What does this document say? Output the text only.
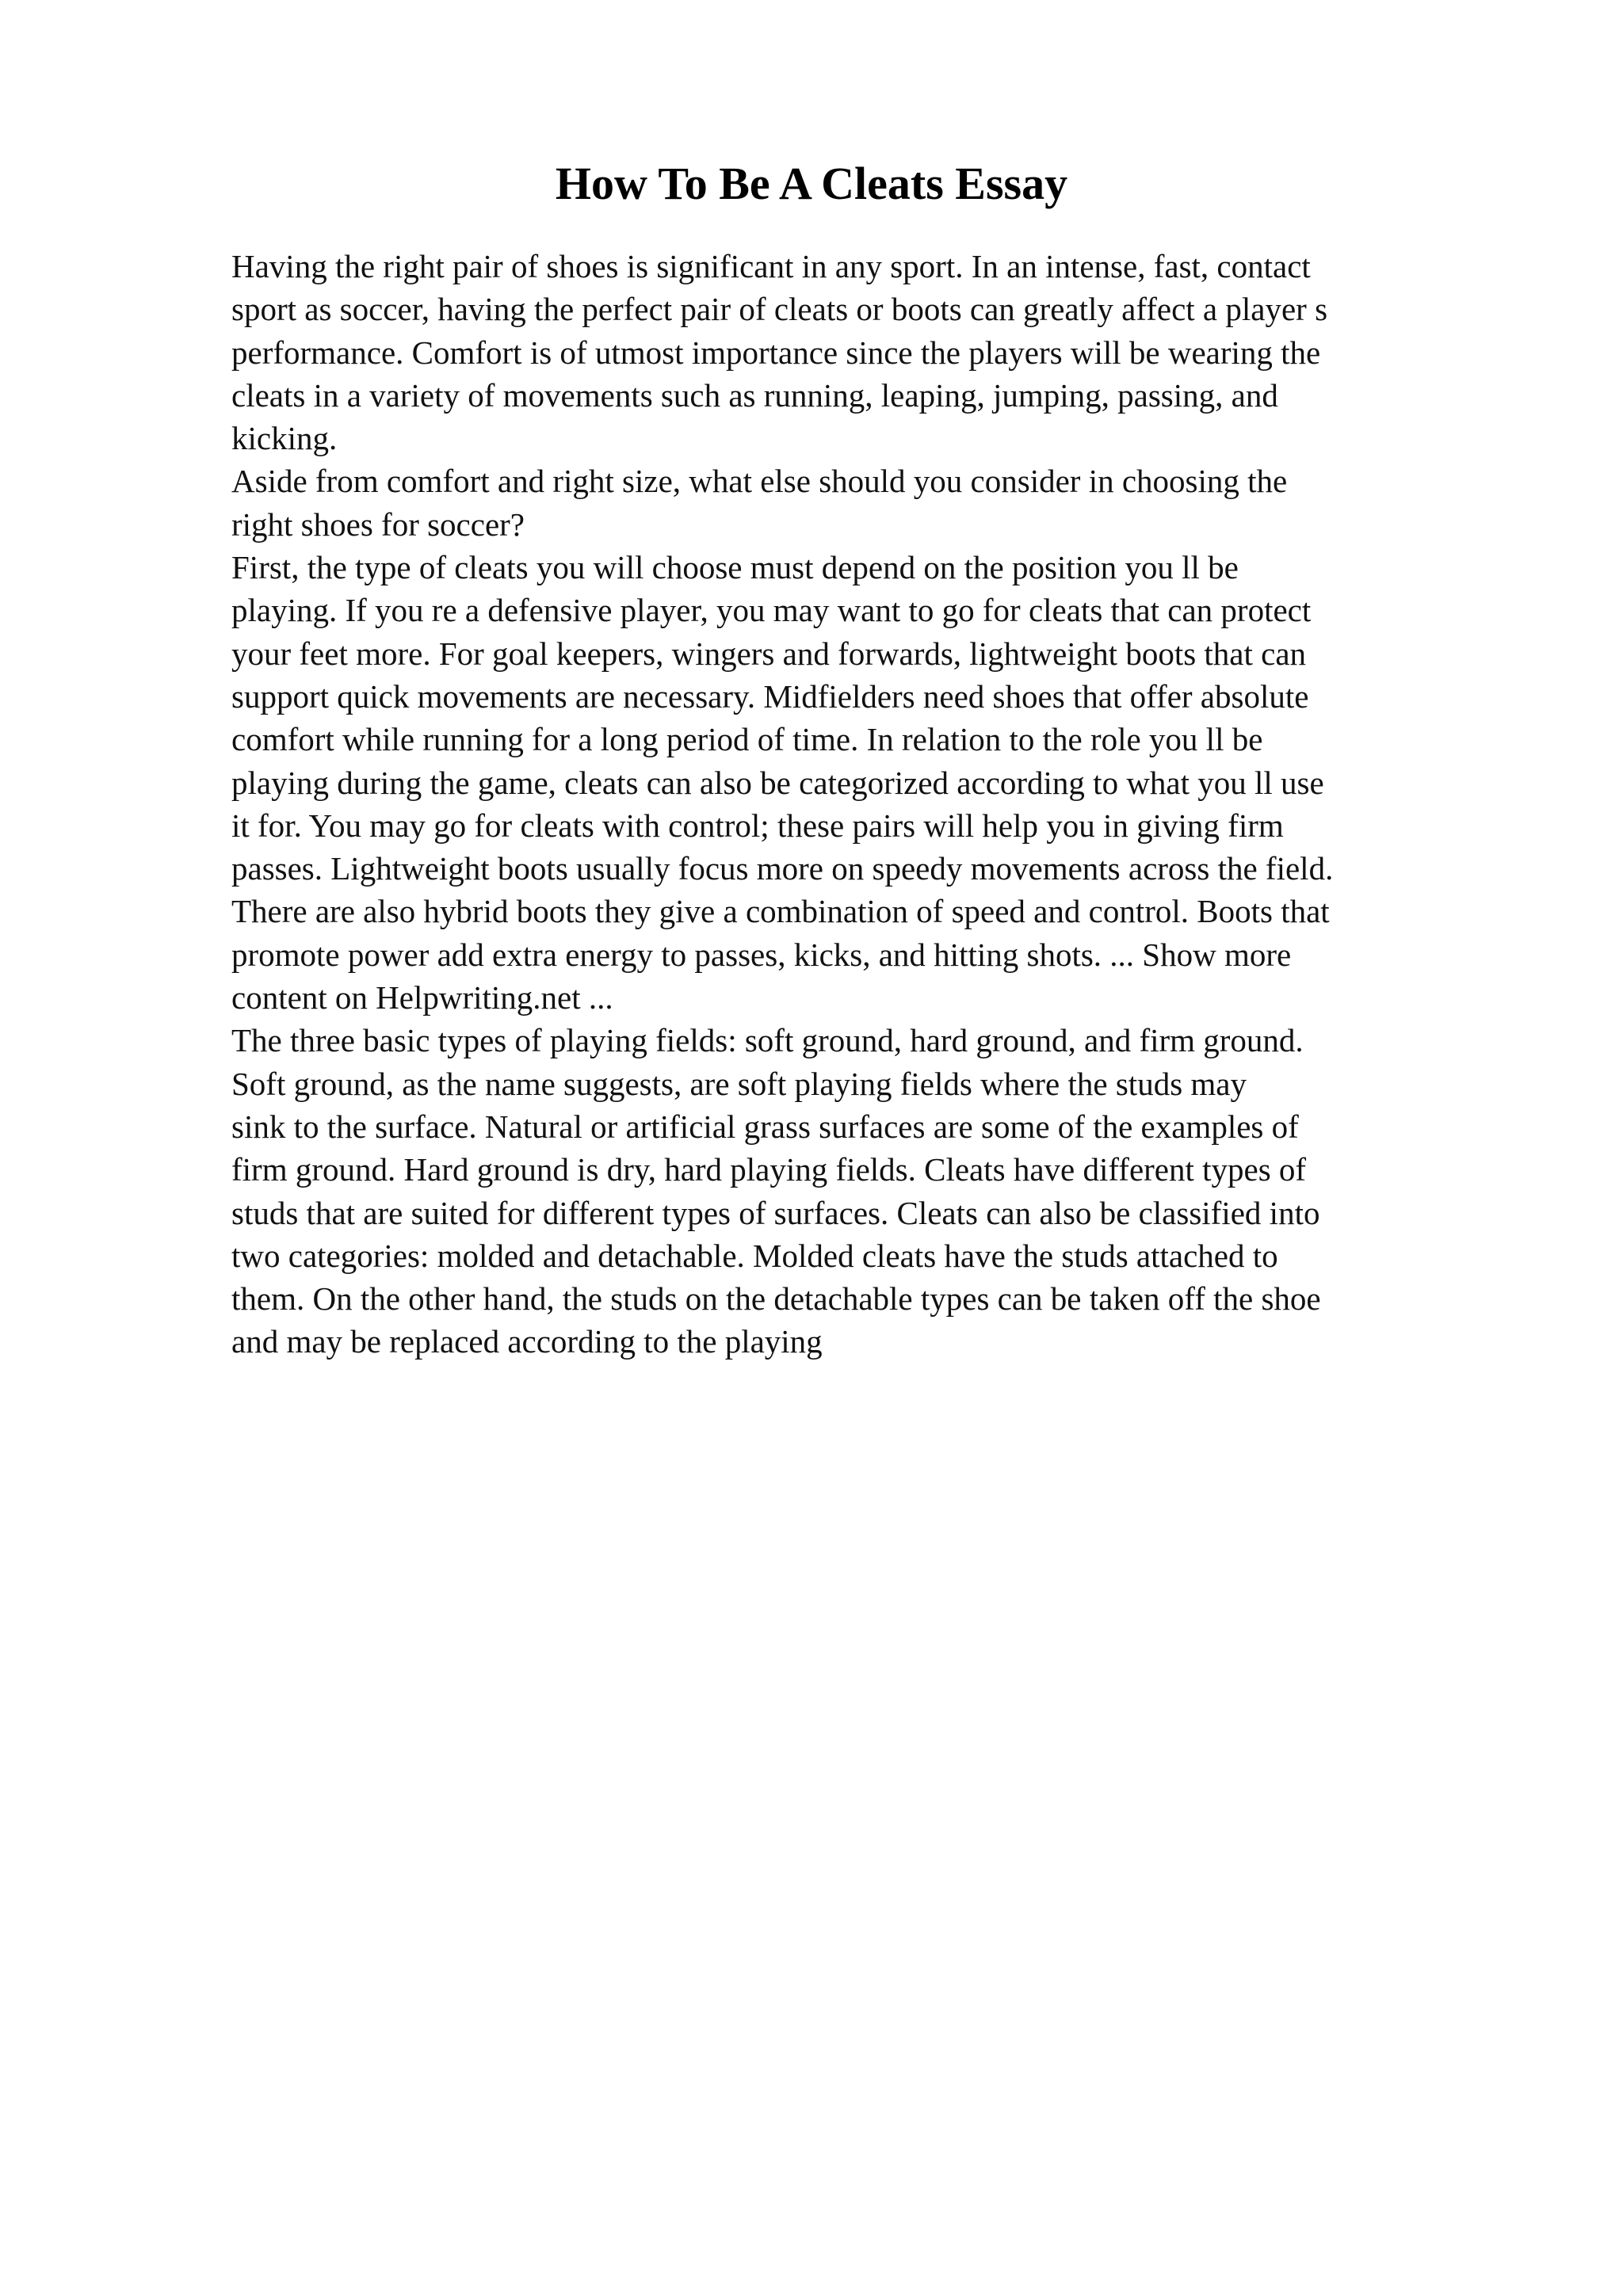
How To Be A Cleats Essay
Having the right pair of shoes is significant in any sport. In an intense, fast, contact
sport as soccer, having the perfect pair of cleats or boots can greatly affect a player s
performance. Comfort is of utmost importance since the players will be wearing the
cleats in a variety of movements such as running, leaping, jumping, passing, and
kicking.
Aside from comfort and right size, what else should you consider in choosing the
right shoes for soccer?
First, the type of cleats you will choose must depend on the position you ll be
playing. If you re a defensive player, you may want to go for cleats that can protect
your feet more. For goal keepers, wingers and forwards, lightweight boots that can
support quick movements are necessary. Midfielders need shoes that offer absolute
comfort while running for a long period of time. In relation to the role you ll be
playing during the game, cleats can also be categorized according to what you ll use
it for. You may go for cleats with control; these pairs will help you in giving firm
passes. Lightweight boots usually focus more on speedy movements across the field.
There are also hybrid boots they give a combination of speed and control. Boots that
promote power add extra energy to passes, kicks, and hitting shots. ... Show more
content on Helpwriting.net ...
The three basic types of playing fields: soft ground, hard ground, and firm ground.
Soft ground, as the name suggests, are soft playing fields where the studs may
sink to the surface. Natural or artificial grass surfaces are some of the examples of
firm ground. Hard ground is dry, hard playing fields. Cleats have different types of
studs that are suited for different types of surfaces. Cleats can also be classified into
two categories: molded and detachable. Molded cleats have the studs attached to
them. On the other hand, the studs on the detachable types can be taken off the shoe
and may be replaced according to the playing
